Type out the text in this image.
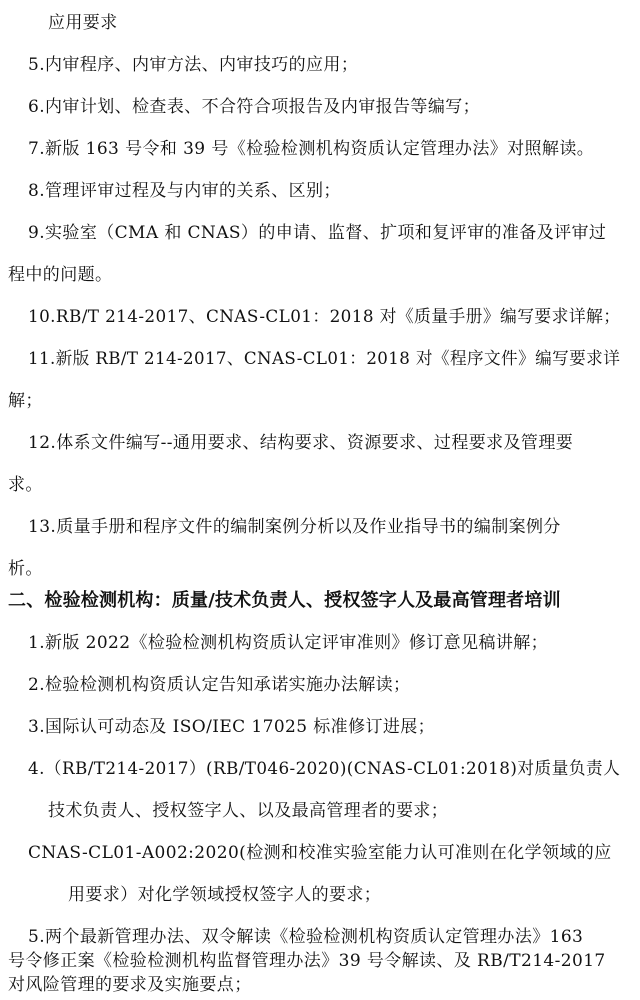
应用要求
5.内审程序、内审方法、内审技巧的应用；
6.内审计划、检查表、不合符合项报告及内审报告等编写；
7.新版 163 号令和 39 号《检验检测机构资质认定管理办法》对照解读。
8.管理评审过程及与内审的关系、区别；
9.实验室（CMA 和 CNAS）的申请、监督、扩项和复评审的准备及评审过
程中的问题。
10.RB/T 214-2017、CNAS-CL01：2018 对《质量手册》编写要求详解；
11.新版 RB/T 214-2017、CNAS-CL01：2018 对《程序文件》编写要求详
解；
12.体系文件编写--通用要求、结构要求、资源要求、过程要求及管理要
求。
13.质量手册和程序文件的编制案例分析以及作业指导书的编制案例分
析。
二、检验检测机构：质量/技术负责人、授权签字人及最高管理者培训
1.新版 2022《检验检测机构资质认定评审准则》修订意见稿讲解；
2.检验检测机构资质认定告知承诺实施办法解读；
3.国际认可动态及 ISO/IEC 17025 标准修订进展；
4.（RB/T214-2017）(RB/T046-2020)(CNAS-CL01:2018)对质量负责人
技术负责人、授权签字人、以及最高管理者的要求；
CNAS-CL01-A002:2020(检测和校准实验室能力认可准则在化学领域的应
用要求）对化学领域授权签字人的要求；
5.两个最新管理办法、双令解读《检验检测机构资质认定管理办法》163
号令修正案《检验检测机构监督管理办法》39 号令解读、及 RB/T214-2017
对风险管理的要求及实施要点；
